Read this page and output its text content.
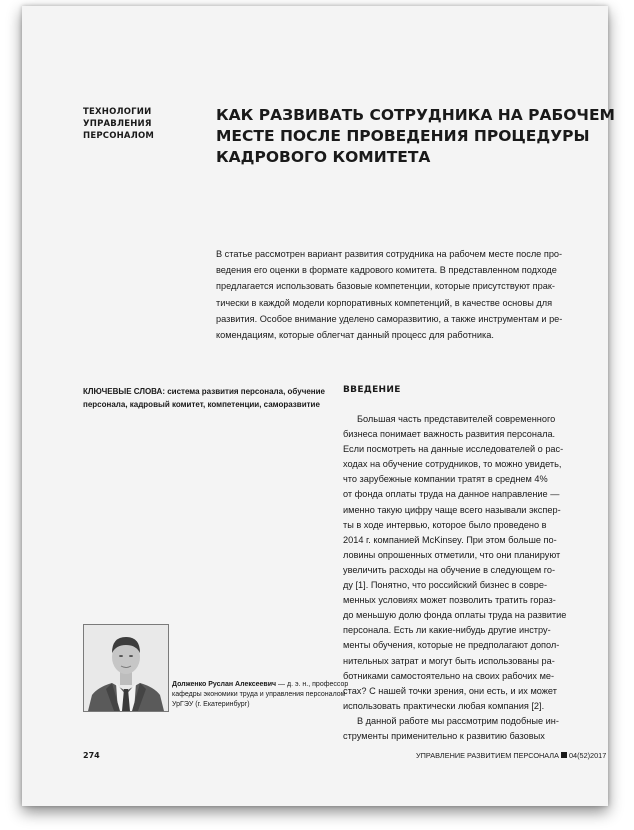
ТЕХНОЛОГИИ
УПРАВЛЕНИЯ
ПЕРСОНАЛОМ
КАК РАЗВИВАТЬ СОТРУДНИКА НА РАБОЧЕМ
МЕСТЕ ПОСЛЕ ПРОВЕДЕНИЯ ПРОЦЕДУРЫ
КАДРОВОГО КОМИТЕТА

В статье рассмотрен вариант развития сотрудника на рабочем месте после про-
ведения его оценки в формате кадрового комитета. В представленном подходе
предлагается использовать базовые компетенции, которые присутствуют прак-
тически в каждой модели корпоративных компетенций, в качестве основы для
развития. Особое внимание уделено саморазвитию, а также инструментам и ре-
комендациям, которые облегчат данный процесс для работника.

КЛЮЧЕВЫЕ СЛОВА: система развития персонала, обучение
персонала, кадровый комитет, компетенции, саморазвитие

ВВЕДЕНИЕ

Большая часть представителей современного
бизнеса понимает важность развития персонала.
Если посмотреть на данные исследователей о рас-
ходах на обучение сотрудников, то можно увидеть,
что зарубежные компании тратят в среднем 4%
от фонда оплаты труда на данное направление —
именно такую цифру чаще всего называли экспер-
ты в ходе интервью, которое было проведено в
2014 г. компанией McKinsey. При этом больше по-
ловины опрошенных отметили, что они планируют
увеличить расходы на обучение в следующем го-
ду [1]. Понятно, что российский бизнес в совре-
менных условиях может позволить тратить гораз-
до меньшую долю фонда оплаты труда на развитие
персонала. Есть ли какие-нибудь другие инстру-
менты обучения, которые не предполагают допол-
нительных затрат и могут быть использованы ра-
ботниками самостоятельно на своих рабочих ме-
стах? С нашей точки зрения, они есть, и их может
использовать практически любая компания [2].
В данной работе мы рассмотрим подобные ин-
струменты применительно к развитию базовых

Долженко Руслан Алексеевич — д. э. н., профессор
кафедры экономики труда и управления персоналом
УрГЭУ (г. Екатеринбург)

274	УПРАВЛЕНИЕ РАЗВИТИЕМ ПЕРСОНАЛА 04(52)2017
